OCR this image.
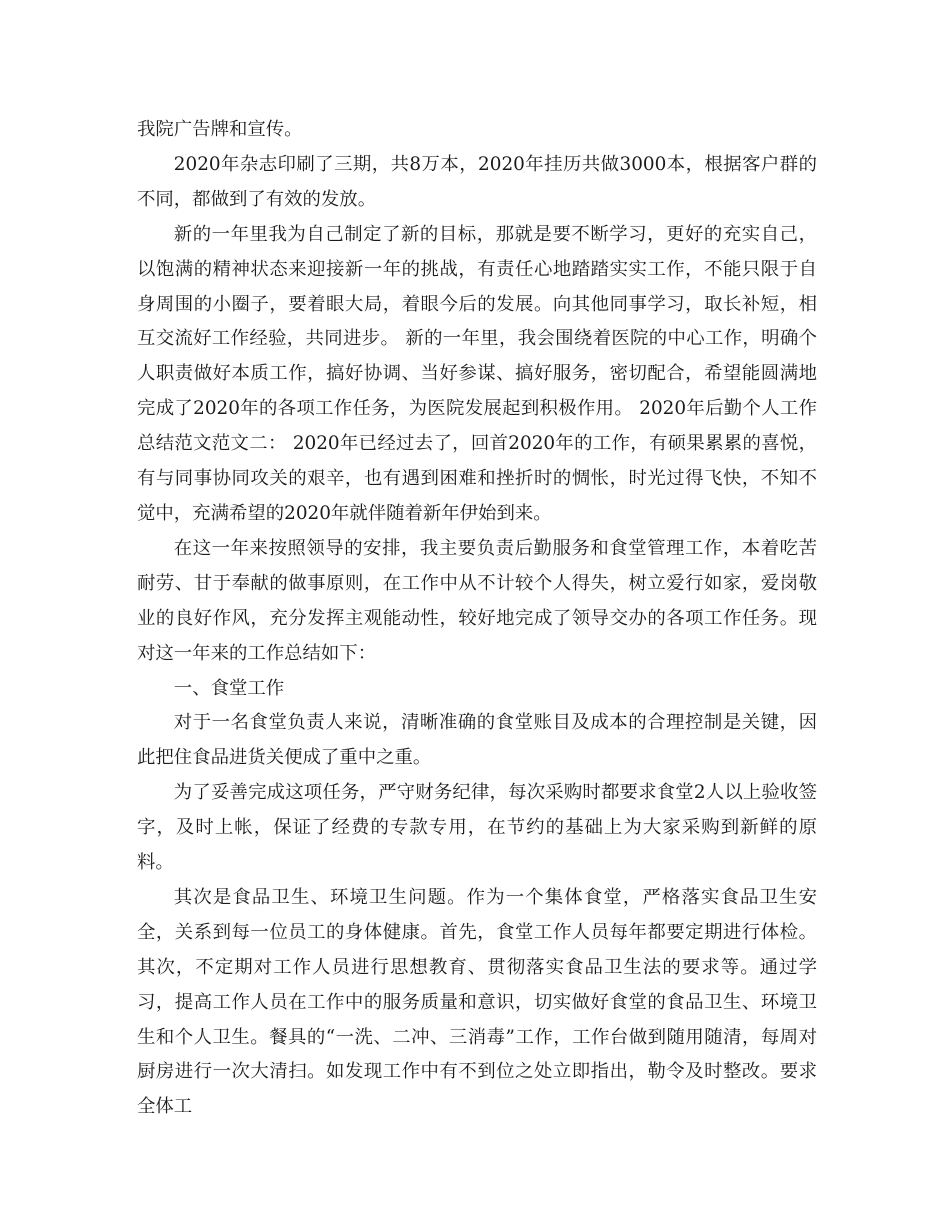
我院广告牌和宣传。

2020年杂志印刷了三期，共8万本，2020年挂历共做3000本，根据客户群的不同，都做到了有效的发放。

新的一年里我为自己制定了新的目标，那就是要不断学习，更好的充实自己，以饱满的精神状态来迎接新一年的挑战，有责任心地踏踏实实工作，不能只限于自身周围的小圈子，要着眼大局，着眼今后的发展。向其他同事学习，取长补短，相互交流好工作经验，共同进步。 新的一年里，我会围绕着医院的中心工作，明确个人职责做好本质工作，搞好协调、当好参谋、搞好服务，密切配合，希望能圆满地完成了2020年的各项工作任务，为医院发展起到积极作用。 2020年后勤个人工作总结范文范文二： 2020年已经过去了，回首2020年的工作，有硕果累累的喜悦，有与同事协同攻关的艰辛，也有遇到困难和挫折时的惆怅，时光过得飞快，不知不觉中，充满希望的2020年就伴随着新年伊始到来。

在这一年来按照领导的安排，我主要负责后勤服务和食堂管理工作，本着吃苦耐劳、甘于奉献的做事原则，在工作中从不计较个人得失，树立爱行如家，爱岗敬业的良好作风，充分发挥主观能动性，较好地完成了领导交办的各项工作任务。现对这一年来的工作总结如下：

一、食堂工作

对于一名食堂负责人来说，清晰准确的食堂账目及成本的合理控制是关键，因此把住食品进货关便成了重中之重。

为了妥善完成这项任务，严守财务纪律，每次采购时都要求食堂2人以上验收签字，及时上帐，保证了经费的专款专用，在节约的基础上为大家采购到新鲜的原料。

其次是食品卫生、环境卫生问题。作为一个集体食堂，严格落实食品卫生安全，关系到每一位员工的身体健康。首先，食堂工作人员每年都要定期进行体检。其次，不定期对工作人员进行思想教育、贯彻落实食品卫生法的要求等。通过学习，提高工作人员在工作中的服务质量和意识，切实做好食堂的食品卫生、环境卫生和个人卫生。餐具的“一洗、二冲、三消毒”工作，工作台做到随用随清，每周对厨房进行一次大清扫。如发现工作中有不到位之处立即指出，勒令及时整改。要求全体工
